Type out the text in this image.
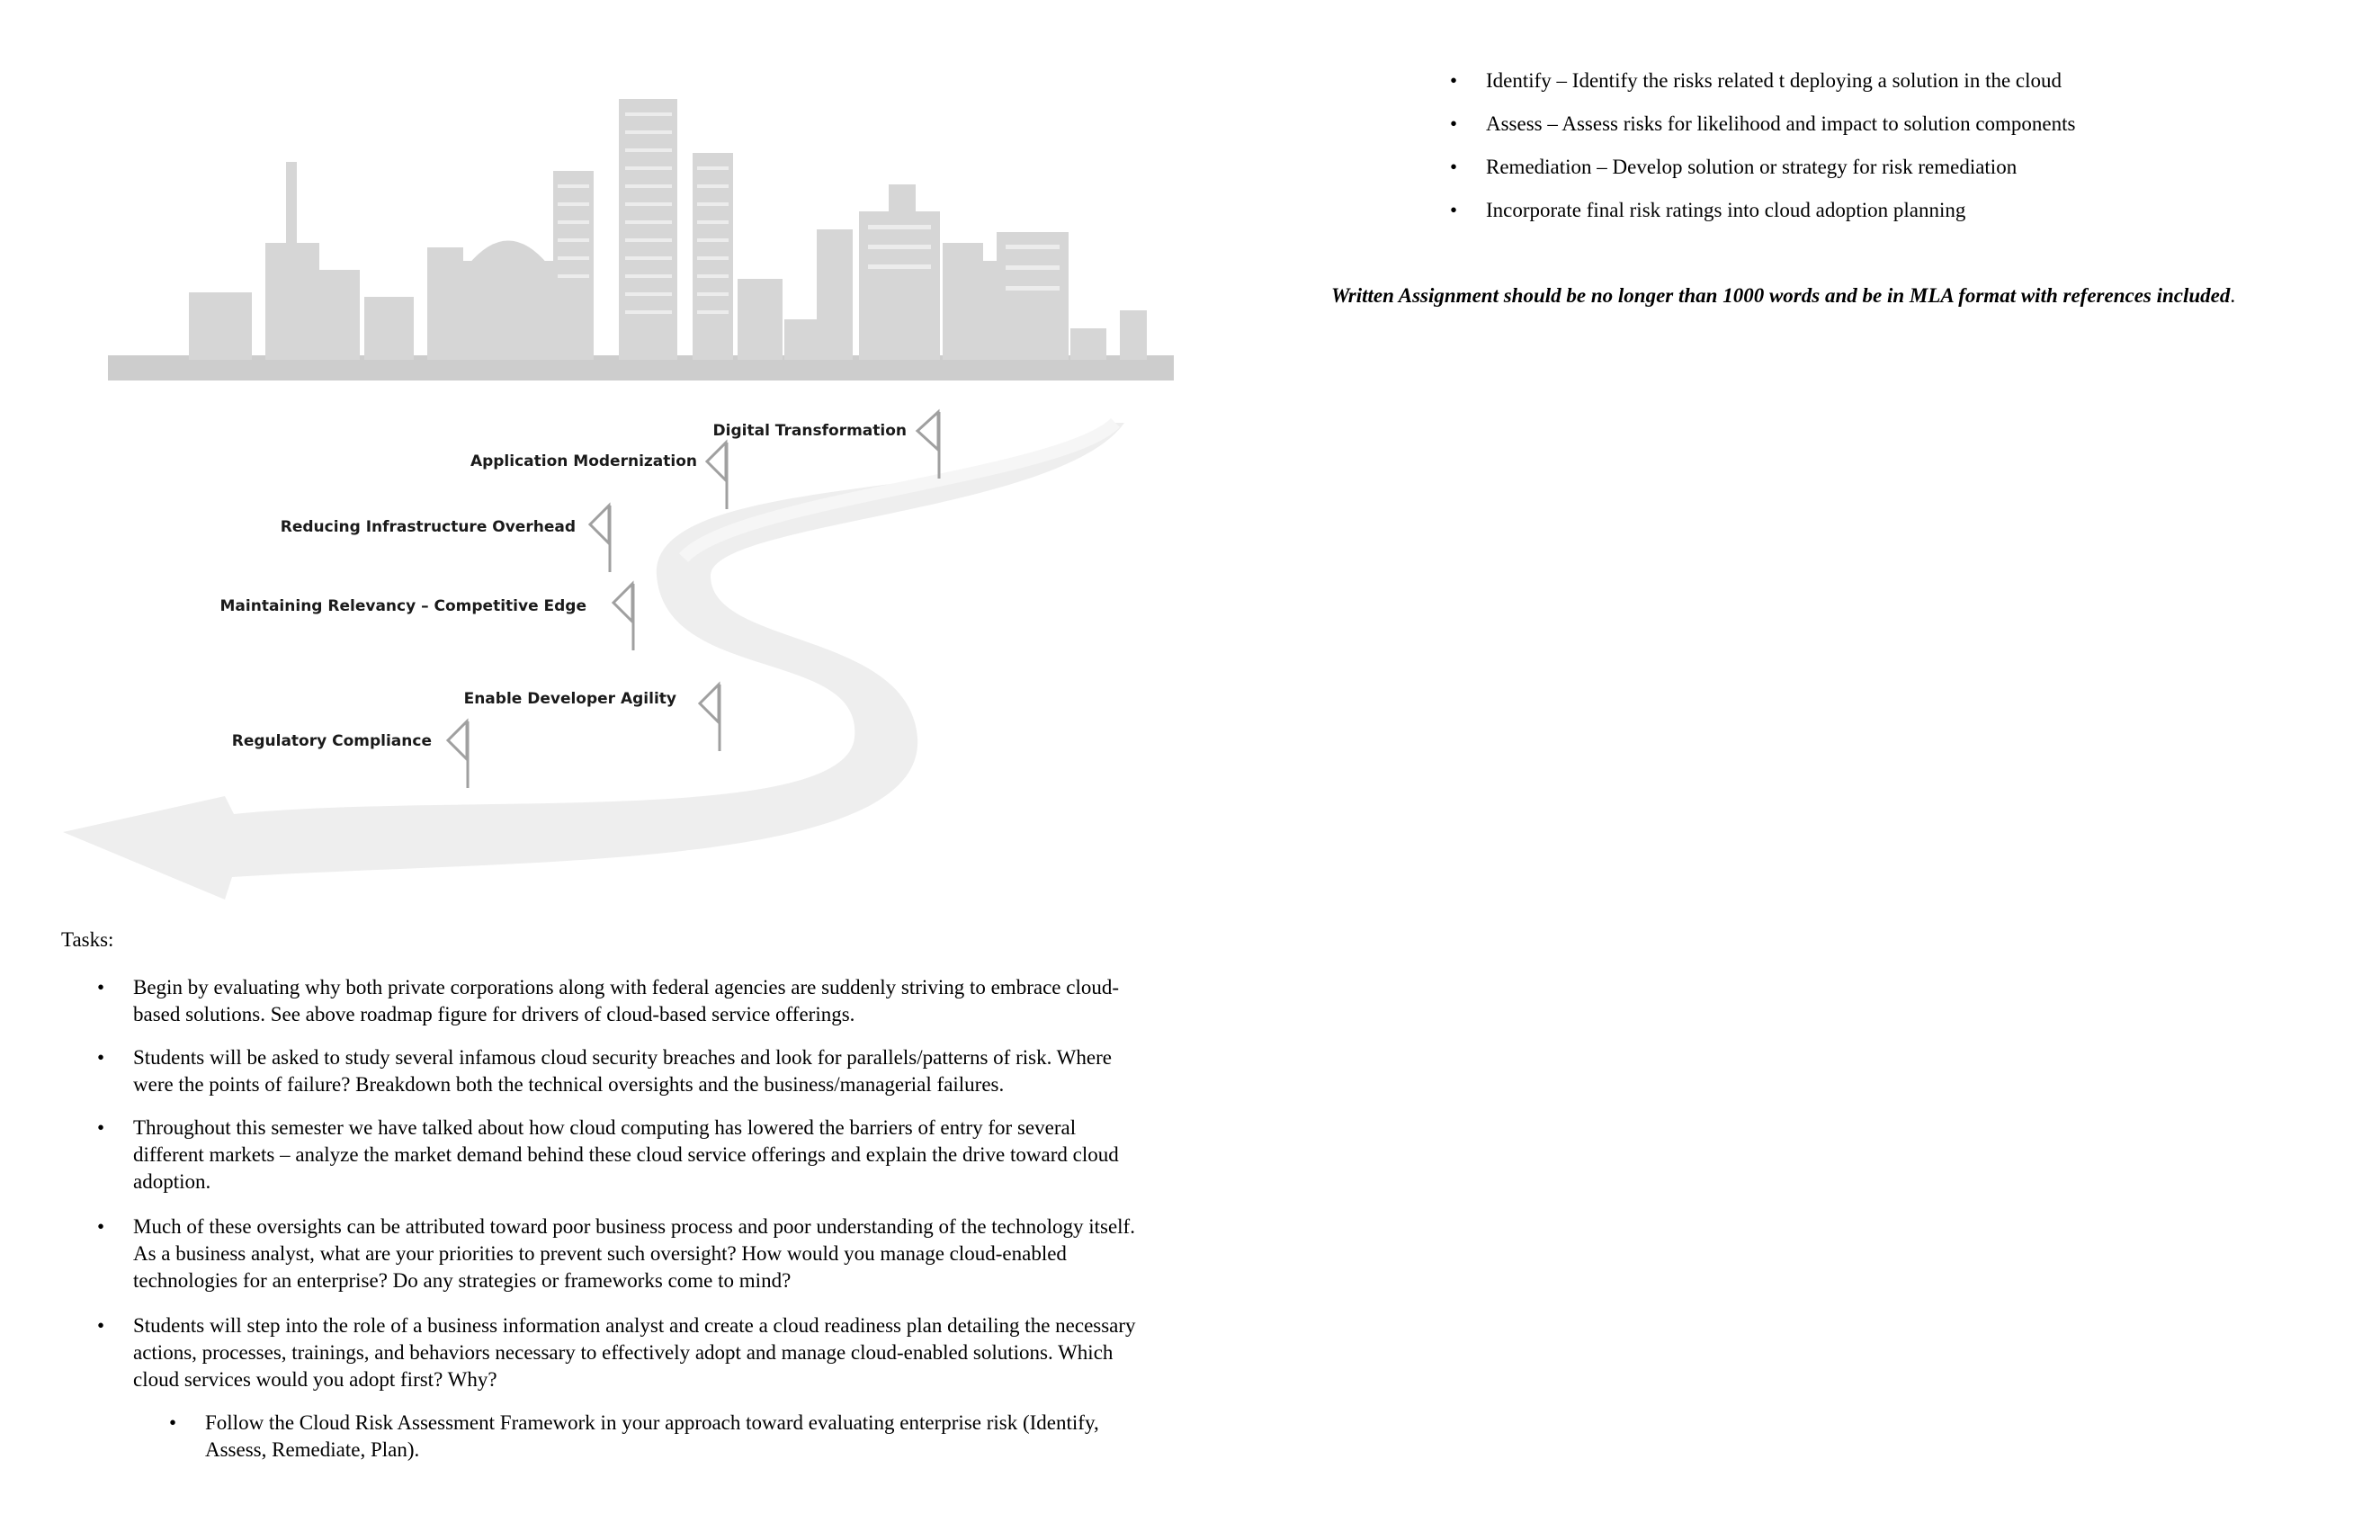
Digital Transformation
Application Modernization
Reducing Infrastructure Overhead
Maintaining Relevancy – Competitive Edge
Enable Developer Agility
Regulatory Compliance
Tasks:
•	Begin by evaluating why both private corporations along with federal agencies are suddenly striving to embrace cloud-based solutions. See above roadmap figure for drivers of cloud-based service offerings.
•	Students will be asked to study several infamous cloud security breaches and look for parallels/patterns of risk. Where were the points of failure? Breakdown both the technical oversights and the business/managerial failures.
•	Throughout this semester we have talked about how cloud computing has lowered the barriers of entry for several different markets – analyze the market demand behind these cloud service offerings and explain the drive toward cloud adoption.
•	Much of these oversights can be attributed toward poor business process and poor understanding of the technology itself. As a business analyst, what are your priorities to prevent such oversight? How would you manage cloud-enabled technologies for an enterprise? Do any strategies or frameworks come to mind?
•	Students will step into the role of a business information analyst and create a cloud readiness plan detailing the necessary actions, processes, trainings, and behaviors necessary to effectively adopt and manage cloud-enabled solutions. Which cloud services would you adopt first? Why?
•	Follow the Cloud Risk Assessment Framework in your approach toward evaluating enterprise risk (Identify, Assess, Remediate, Plan).
•	Identify – Identify the risks related t deploying a solution in the cloud
•	Assess – Assess risks for likelihood and impact to solution components
•	Remediation – Develop solution or strategy for risk remediation
•	Incorporate final risk ratings into cloud adoption planning
Written Assignment should be no longer than 1000 words and be in MLA format with references included.
